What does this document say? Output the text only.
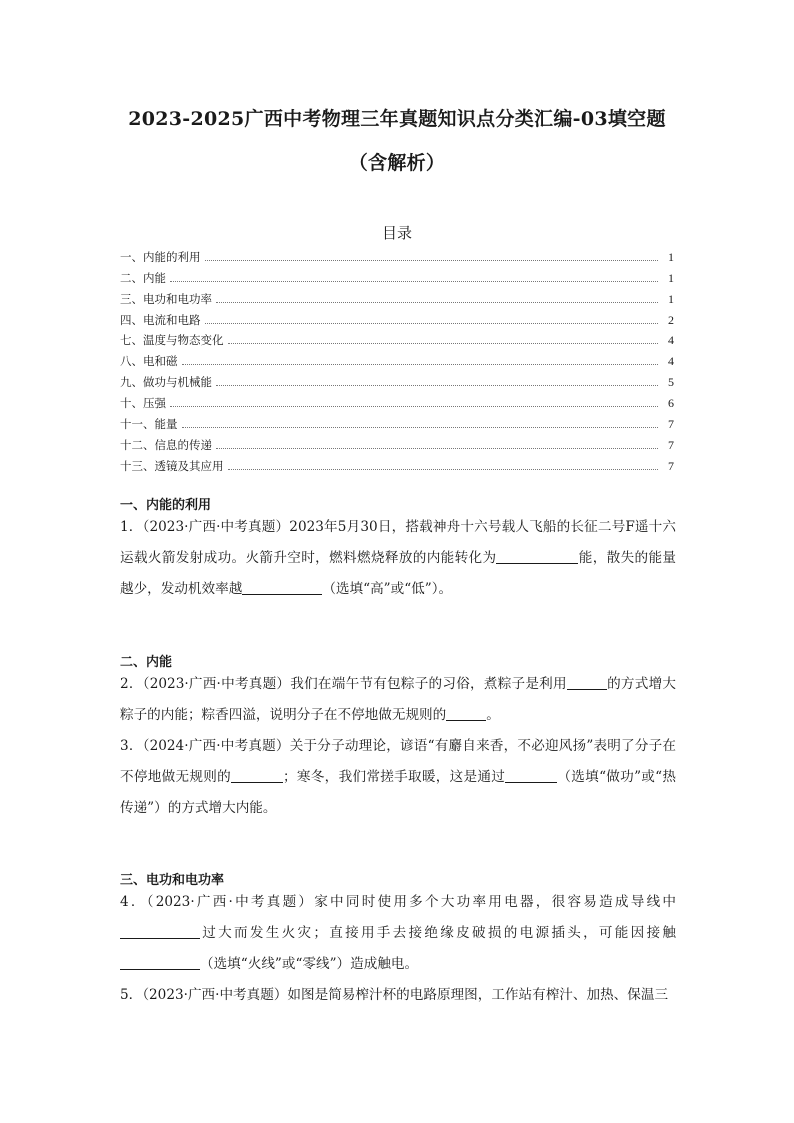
2023-2025广西中考物理三年真题知识点分类汇编-03填空题
（含解析）
目录
一、内能的利用	1
二、内能	1
三、电功和电功率	1
四、电流和电路	2
七、温度与物态变化	4
八、电和磁	4
九、做功与机械能	5
十、压强	6
十一、能量	7
十二、信息的传递	7
十三、透镜及其应用	7
一、内能的利用
1．（2023·广西·中考真题）2023年5月30日，搭载神舟十六号载人飞船的长征二号F遥十六运载火箭发射成功。火箭升空时，燃料燃烧释放的内能转化为	能，散失的能量越少，发动机效率越	（选填“高”或“低”）。
二、内能
2．（2023·广西·中考真题）我们在端午节有包粽子的习俗，煮粽子是利用	的方式增大粽子的内能；粽香四溢，说明分子在不停地做无规则的	。
3．（2024·广西·中考真题）关于分子动理论，谚语“有麝自来香，不必迎风扬”表明了分子在不停地做无规则的	；寒冬，我们常搓手取暖，这是通过	（选填“做功”或“热传递”）的方式增大内能。
三、电功和电功率
4．（2023·广西·中考真题）家中同时使用多个大功率用电器，很容易造成导线中过大而发生火灾；直接用手去接绝缘皮破损的电源插头，可能因接触（选填“火线”或“零线”）造成触电。
5．（2023·广西·中考真题）如图是简易榨汁杯的电路原理图，工作站有榨汁、加热、保温三
